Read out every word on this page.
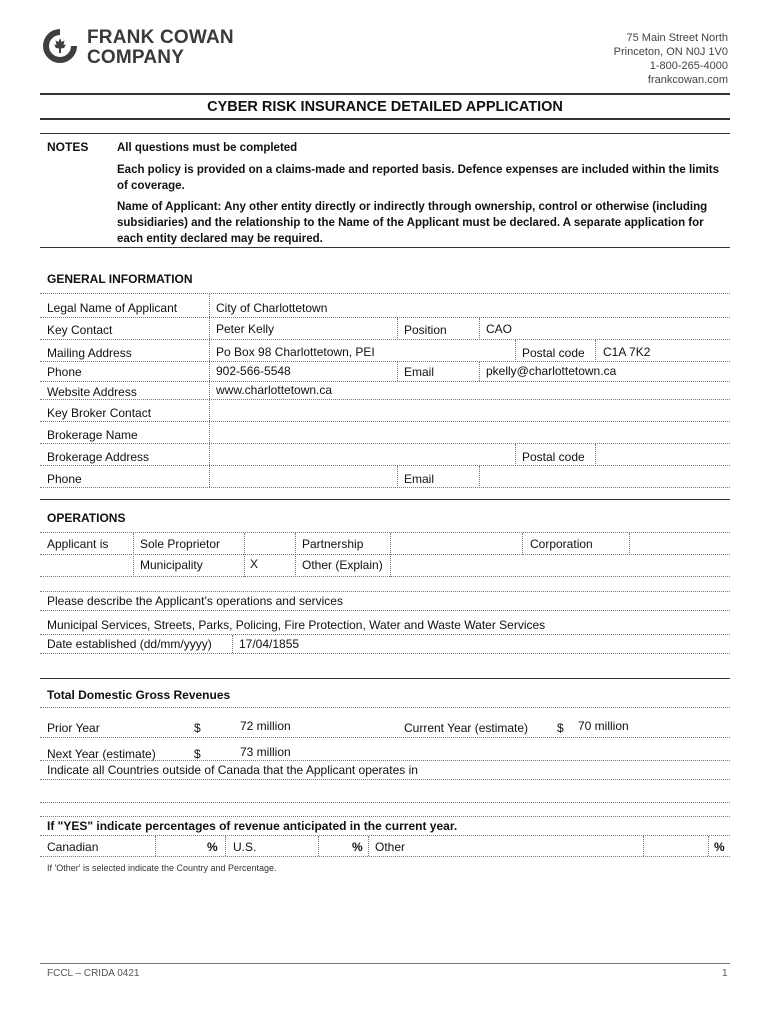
FRANK COWAN
COMPANY
75 Main Street North
Princeton, ON N0J 1V0
1-800-265-4000
frankcowan.com
CYBER RISK INSURANCE DETAILED APPLICATION
NOTES All questions must be completed
Each policy is provided on a claims-made and reported basis. Defence expenses are included within the limits of coverage.
Name of Applicant: Any other entity directly or indirectly through ownership, control or otherwise (including subsidiaries) and the relationship to the Name of the Applicant must be declared. A separate application for each entity declared may be required.
GENERAL INFORMATION
Legal Name of Applicant	City of Charlottetown
Key Contact	Peter Kelly	Position	CAO
Mailing Address	Po Box 98 Charlottetown, PEI	Postal code C1A 7K2
Phone	902-566-5548	Email	pkelly@charlottetown.ca
Website Address	www.charlottetown.ca
Key Broker Contact
Brokerage Name
Brokerage Address	Postal code
Phone	Email
OPERATIONS
Applicant is	Sole Proprietor	Partnership	Corporation
Municipality	X	Other (Explain)
Please describe the Applicant’s operations and services
Municipal Services, Streets, Parks, Policing, Fire Protection, Water and Waste Water Services
Date established (dd/mm/yyyy) 17/04/1855
Total Domestic Gross Revenues
Prior Year	$	72 million	Current Year (estimate) $ 70 million
Next Year (estimate)	$	73 million
Indicate all Countries outside of Canada that the Applicant operates in
If "YES" indicate percentages of revenue anticipated in the current year.
Canadian	% U.S.	% Other	%
If 'Other' is selected indicate the Country and Percentage.
FCCL – CRIDA 0421	1
